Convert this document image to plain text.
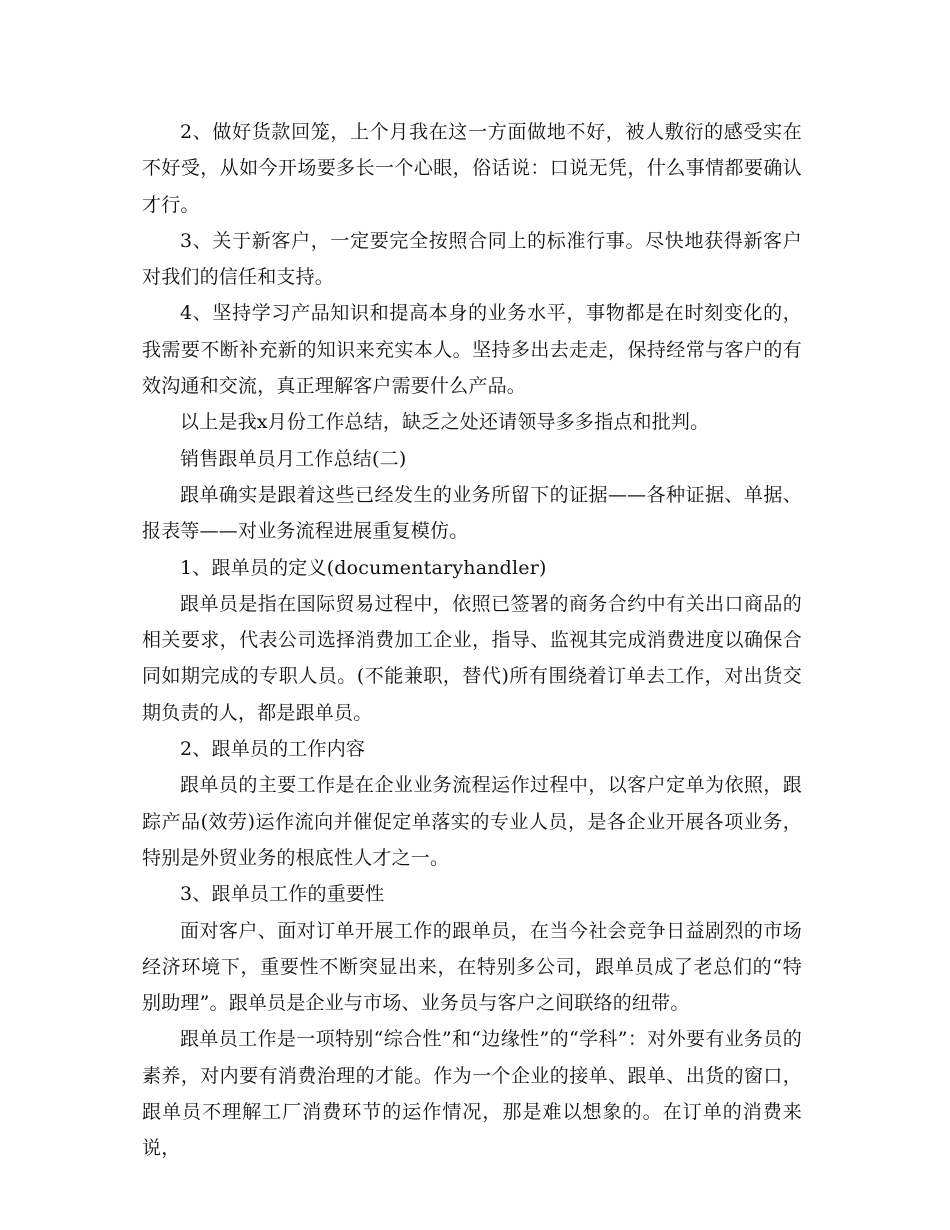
2、做好货款回笼，上个月我在这一方面做地不好，被人敷衍的感受实在不好受，从如今开场要多长一个心眼，俗话说：口说无凭，什么事情都要确认才行。

3、关于新客户，一定要完全按照合同上的标准行事。尽快地获得新客户对我们的信任和支持。

4、坚持学习产品知识和提高本身的业务水平，事物都是在时刻变化的，我需要不断补充新的知识来充实本人。坚持多出去走走，保持经常与客户的有效沟通和交流，真正理解客户需要什么产品。

以上是我x月份工作总结，缺乏之处还请领导多多指点和批判。

销售跟单员月工作总结(二)

跟单确实是跟着这些已经发生的业务所留下的证据——各种证据、单据、报表等——对业务流程进展重复模仿。

1、跟单员的定义(documentaryhandler)

跟单员是指在国际贸易过程中，依照已签署的商务合约中有关出口商品的相关要求，代表公司选择消费加工企业，指导、监视其完成消费进度以确保合同如期完成的专职人员。(不能兼职，替代)所有围绕着订单去工作，对出货交期负责的人，都是跟单员。

2、跟单员的工作内容

跟单员的主要工作是在企业业务流程运作过程中，以客户定单为依照，跟踪产品(效劳)运作流向并催促定单落实的专业人员，是各企业开展各项业务，特别是外贸业务的根底性人才之一。

3、跟单员工作的重要性

面对客户、面对订单开展工作的跟单员，在当今社会竞争日益剧烈的市场经济环境下，重要性不断突显出来，在特别多公司，跟单员成了老总们的“特别助理”。跟单员是企业与市场、业务员与客户之间联络的纽带。

跟单员工作是一项特别“综合性”和“边缘性”的“学科”：对外要有业务员的素养，对内要有消费治理的才能。作为一个企业的接单、跟单、出货的窗口，跟单员不理解工厂消费环节的运作情况，那是难以想象的。在订单的消费来说，
